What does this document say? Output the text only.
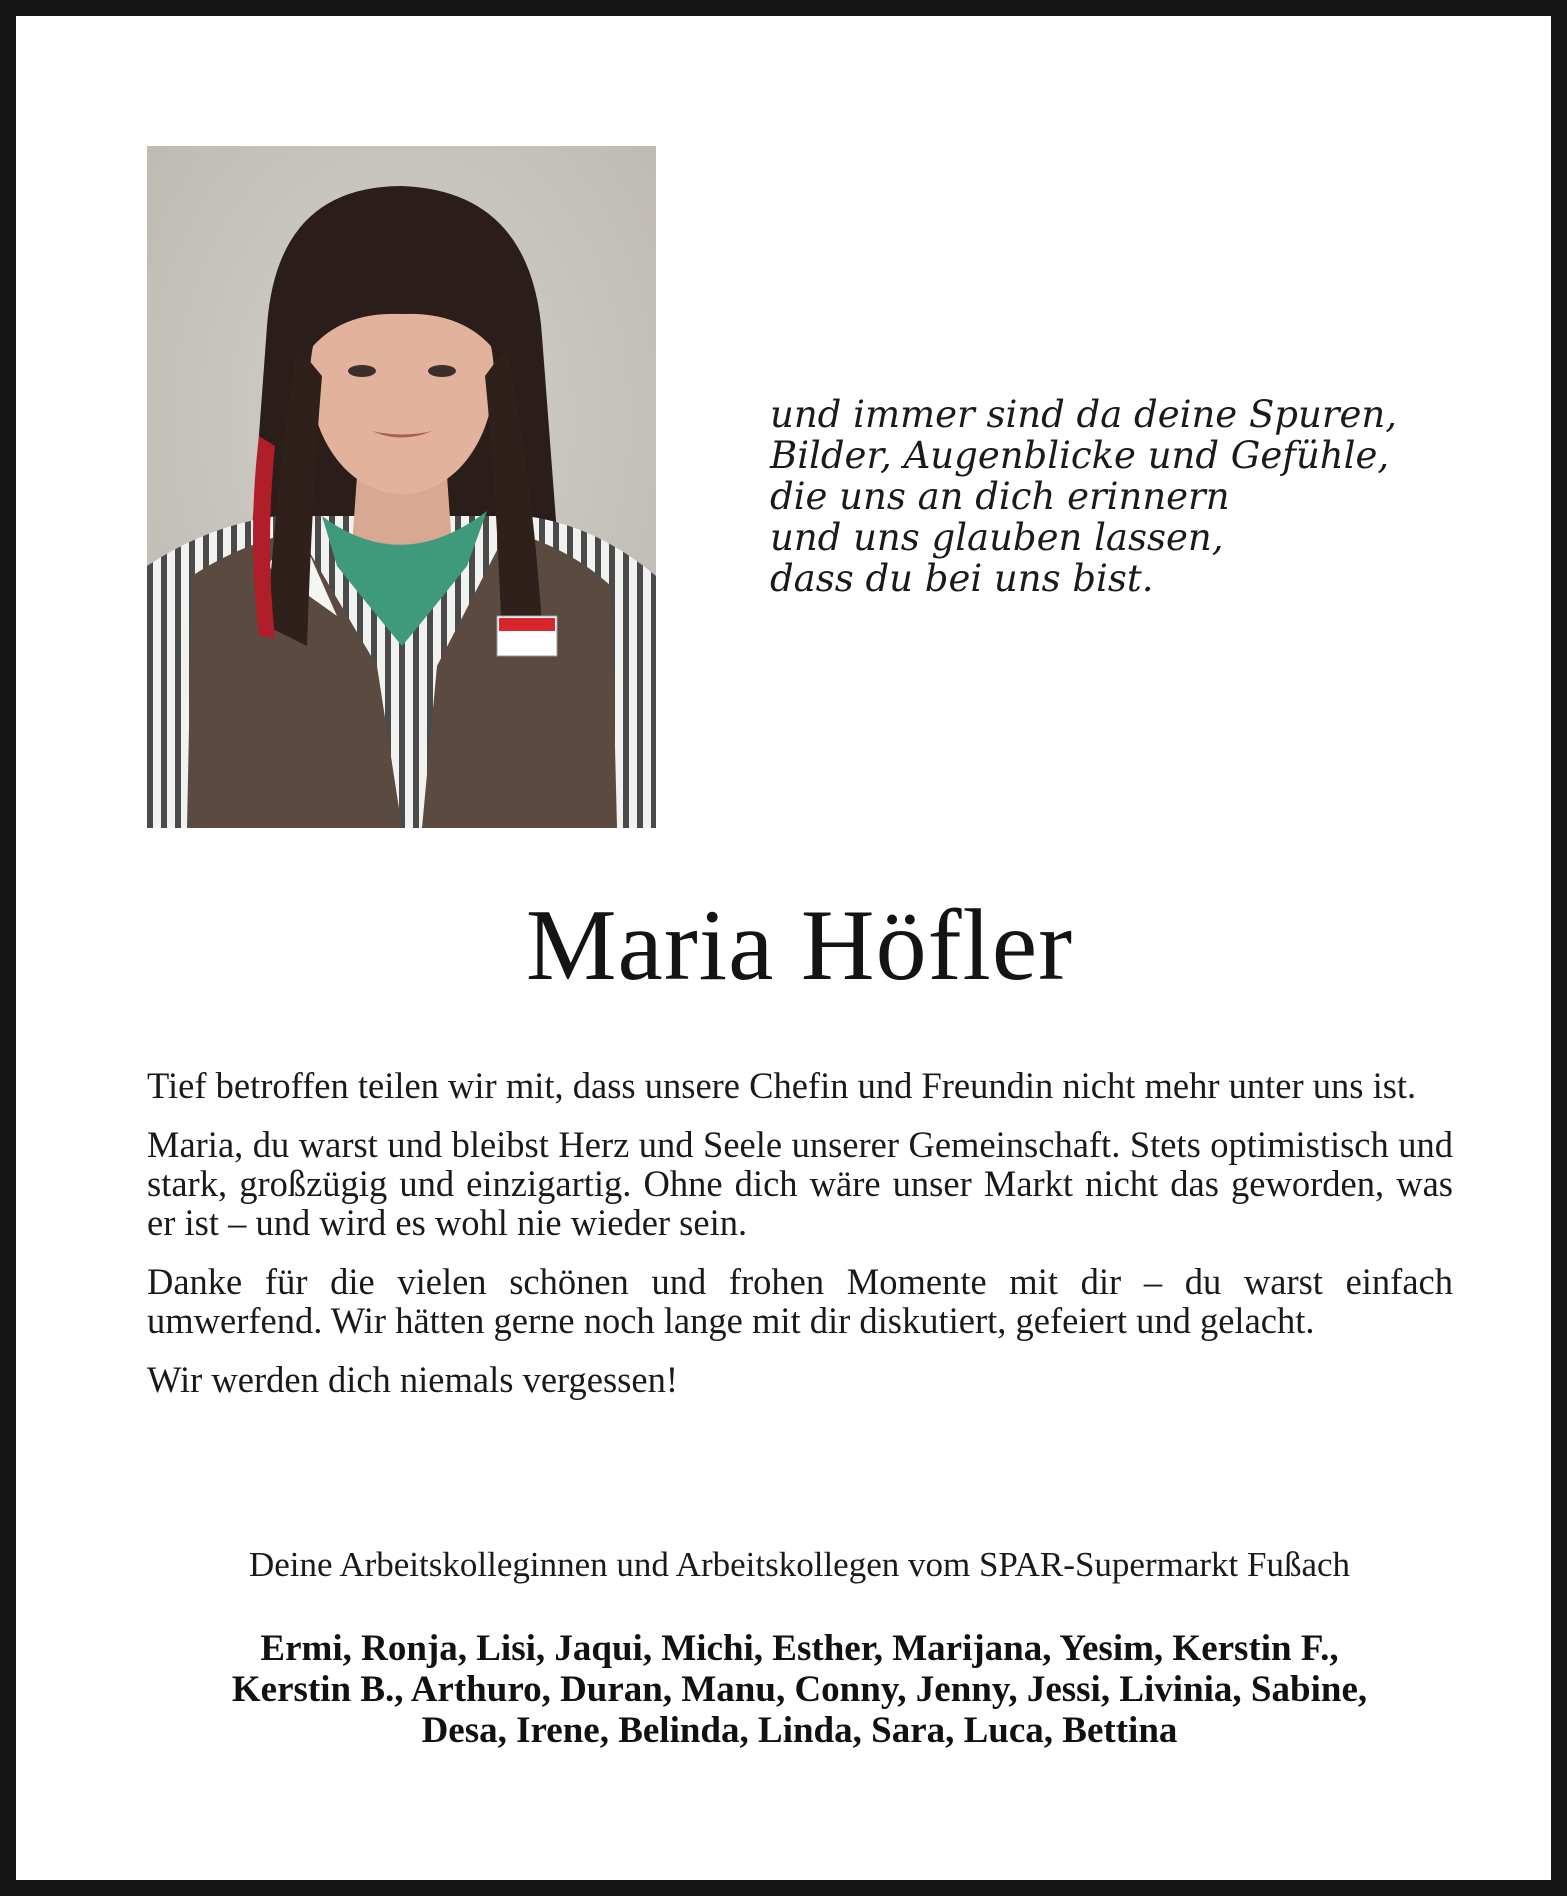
und immer sind da deine Spuren,
Bilder, Augenblicke und Gefühle,
die uns an dich erinnern
und uns glauben lassen,
dass du bei uns bist.
Maria Höfler

Tief betroffen teilen wir mit, dass unsere Chefin und Freundin nicht mehr unter uns ist.

Maria, du warst und bleibst Herz und Seele unserer Gemeinschaft. Stets optimistisch und stark, großzügig und einzigartig. Ohne dich wäre unser Markt nicht das geworden, was er ist – und wird es wohl nie wieder sein.

Danke für die vielen schönen und frohen Momente mit dir – du warst einfach umwerfend. Wir hätten gerne noch lange mit dir diskutiert, gefeiert und gelacht.

Wir werden dich niemals vergessen!

Deine Arbeitskolleginnen und Arbeitskollegen vom SPAR-Supermarkt Fußach
Ermi, Ronja, Lisi, Jaqui, Michi, Esther, Marijana, Yesim, Kerstin F.,
Kerstin B., Arthuro, Duran, Manu, Conny, Jenny, Jessi, Livinia, Sabine,
Desa, Irene, Belinda, Linda, Sara, Luca, Bettina
